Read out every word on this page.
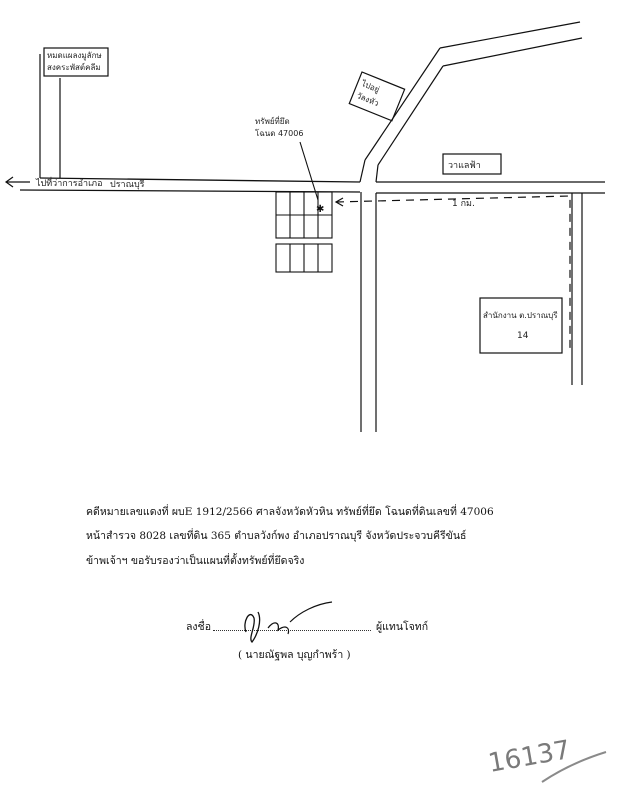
หมดแผลงมูลักษ
สงคระพัสต์คลีม
ไปที่ว่าการอำเภอ ปราณบุรี
ไปอยู่
วัลงหัว
วาแลฟ้า
1 กม.
สำนักงาน ต.ปราณบุรี
14
✱
ทรัพย์ที่ยึด
โฉนด 47006
คดีหมายเลขแดงที่ ผบE 1912/2566 ศาลจังหวัดหัวหิน ทรัพย์ที่ยึด โฉนดที่ดินเลขที่ 47006
หน้าสำรวจ 8028 เลขที่ดิน 365 ตำบลวังก์พง อำเภอปราณบุรี จังหวัดประจวบคีรีขันธ์
ข้าพเจ้าฯ ขอรับรองว่าเป็นแผนที่ตั้งทรัพย์ที่ยึดจริง
ลงชื่อ	ผู้แทนโจทก์
( นายณัฐพล บุญกำพร้า )
16137
